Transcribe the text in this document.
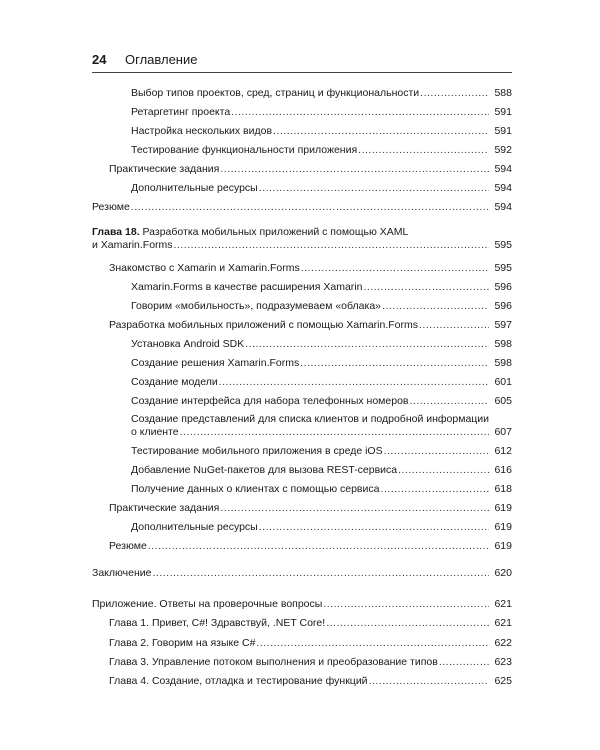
24	Оглавление
Выбор типов проектов, сред, страниц и функциональности .....	588
Ретаргетинг проекта .....	591
Настройка нескольких видов .....	591
Тестирование функциональности приложения .....	592
Практические задания .....	594
Дополнительные ресурсы .....	594
Резюме .....	594
Глава 18. Разработка мобильных приложений с помощью XAML
и Xamarin.Forms .....	595
Знакомство с Xamarin и Xamarin.Forms .....	595
Xamarin.Forms в качестве расширения Xamarin .....	596
Говорим «мобильность», подразумеваем «облака» .....	596
Разработка мобильных приложений с помощью Xamarin.Forms .....	597
Установка Android SDK .....	598
Создание решения Xamarin.Forms .....	598
Создание модели .....	601
Создание интерфейса для набора телефонных номеров .....	605
Создание представлений для списка клиентов и подробной информации
о клиенте .....	607
Тестирование мобильного приложения в среде iOS .....	612
Добавление NuGet-пакетов для вызова REST-сервиса .....	616
Получение данных о клиентах с помощью сервиса .....	618
Практические задания .....	619
Дополнительные ресурсы .....	619
Резюме .....	619
Заключение .....	620
Приложение. Ответы на проверочные вопросы .....	621
Глава 1. Привет, C#! Здравствуй, .NET Core! .....	621
Глава 2. Говорим на языке C# .....	622
Глава 3. Управление потоком выполнения и преобразование типов .....	623
Глава 4. Создание, отладка и тестирование функций .....	625
